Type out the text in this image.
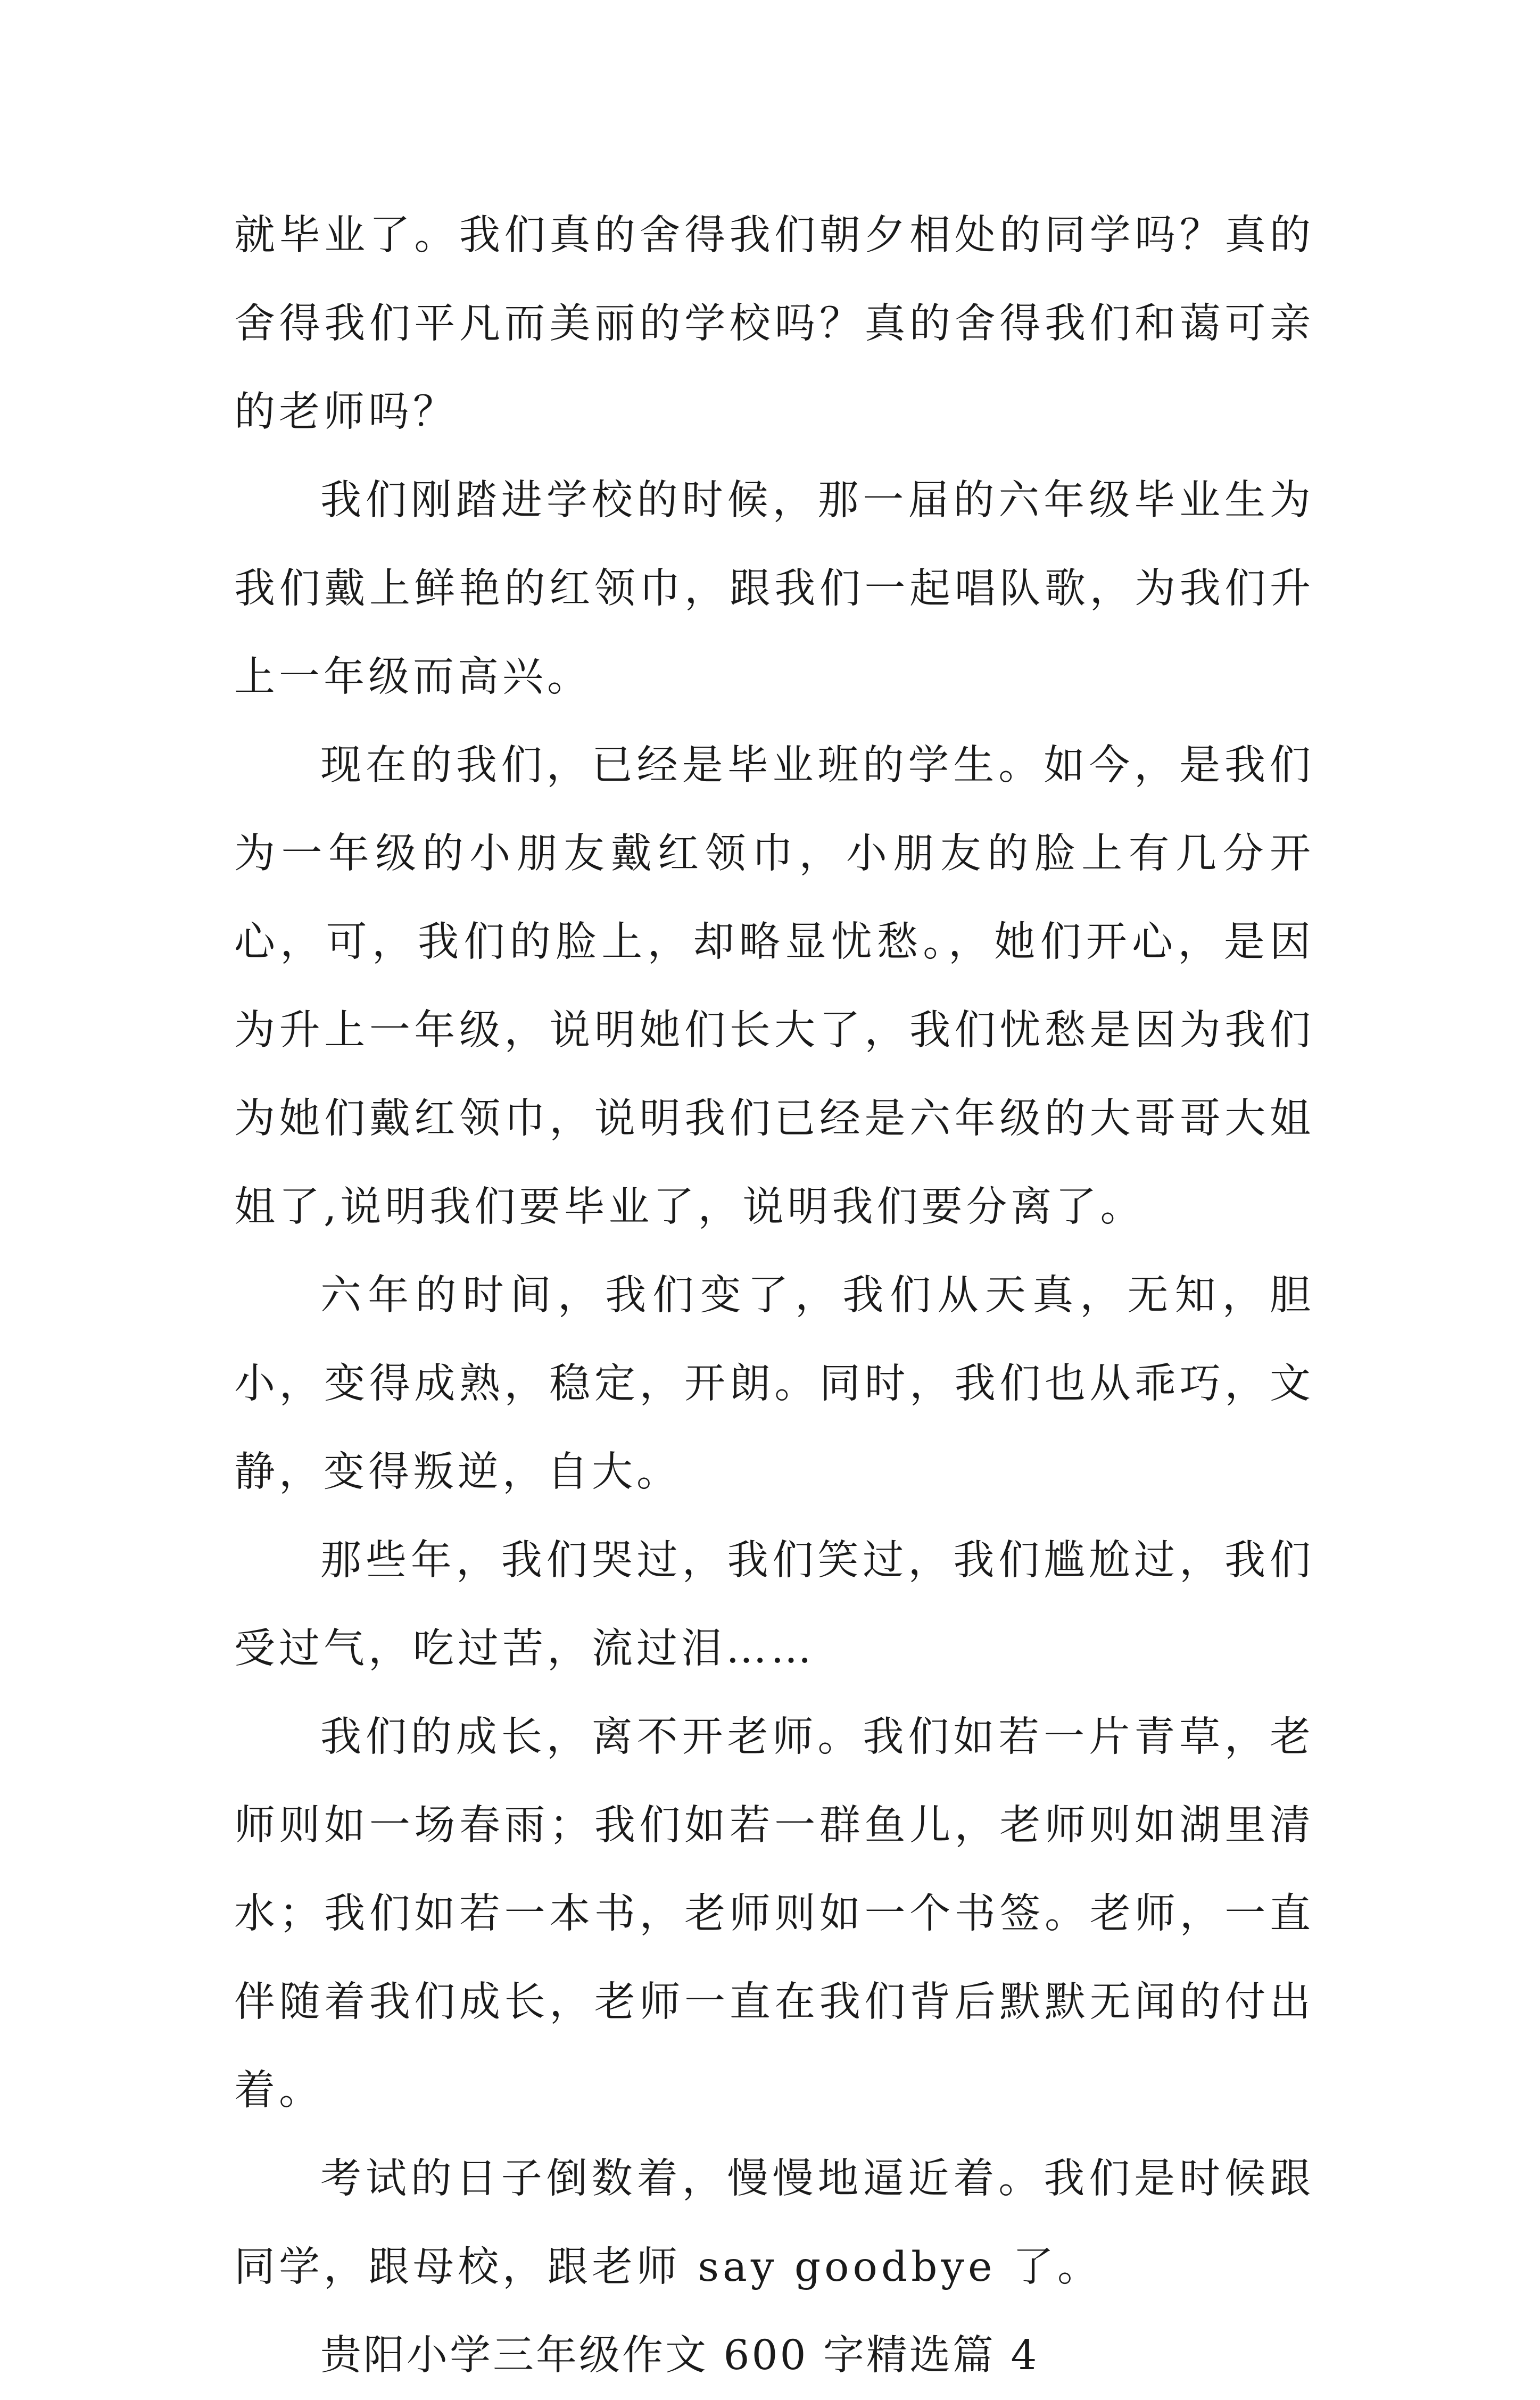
就毕业了。我们真的舍得我们朝夕相处的同学吗？真的舍得我们平凡而美丽的学校吗？真的舍得我们和蔼可亲的老师吗？

我们刚踏进学校的时候，那一届的六年级毕业生为我们戴上鲜艳的红领巾，跟我们一起唱队歌，为我们升上一年级而高兴。

现在的我们，已经是毕业班的学生。如今，是我们为一年级的小朋友戴红领巾，小朋友的脸上有几分开心，可，我们的脸上，却略显忧愁。，她们开心，是因为升上一年级，说明她们长大了，我们忧愁是因为我们为她们戴红领巾，说明我们已经是六年级的大哥哥大姐姐了,说明我们要毕业了，说明我们要分离了。

六年的时间，我们变了，我们从天真，无知，胆小，变得成熟，稳定，开朗。同时，我们也从乖巧，文静，变得叛逆，自大。

那些年，我们哭过，我们笑过，我们尴尬过，我们受过气，吃过苦，流过泪……

我们的成长，离不开老师。我们如若一片青草，老师则如一场春雨；我们如若一群鱼儿，老师则如湖里清水；我们如若一本书，老师则如一个书签。老师，一直伴随着我们成长，老师一直在我们背后默默无闻的付出着。

考试的日子倒数着，慢慢地逼近着。我们是时候跟同学，跟母校，跟老师 say goodbye 了。

贵阳小学三年级作文 600 字精选篇 4
